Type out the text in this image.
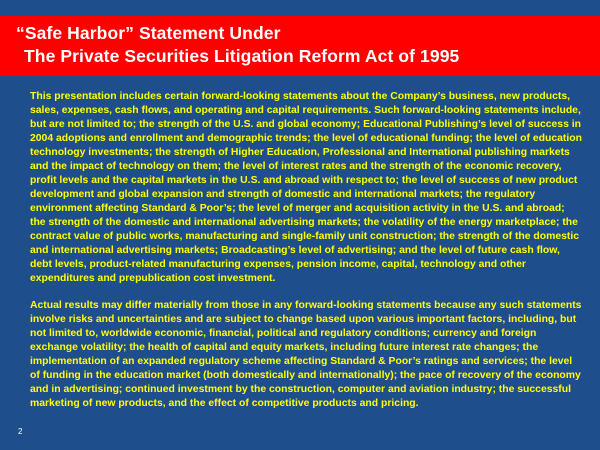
“Safe Harbor” Statement Under
The Private Securities Litigation Reform Act of 1995

This presentation includes certain forward-looking statements about the Company’s business, new products, sales, expenses, cash flows, and operating and capital requirements. Such forward-looking statements include, but are not limited to; the strength of the U.S. and global economy; Educational Publishing’s level of success in 2004 adoptions and enrollment and demographic trends; the level of educational funding; the level of education technology investments; the strength of Higher Education, Professional and International publishing markets and the impact of technology on them; the level of interest rates and the strength of the economic recovery, profit levels and the capital markets in the U.S. and abroad with respect to; the level of success of new product development and global expansion and strength of domestic and international markets; the regulatory environment affecting Standard & Poor’s; the level of merger and acquisition activity in the U.S. and abroad; the strength of the domestic and international advertising markets; the volatility of the energy marketplace; the contract value of public works, manufacturing and single-family unit construction; the strength of the domestic and international advertising markets; Broadcasting’s level of advertising; and the level of future cash flow, debt levels, product-related manufacturing expenses, pension income, capital, technology and other expenditures and prepublication cost investment.

Actual results may differ materially from those in any forward-looking statements because any such statements involve risks and uncertainties and are subject to change based upon various important factors, including, but not limited to, worldwide economic, financial, political and regulatory conditions; currency and foreign exchange volatility; the health of capital and equity markets, including future interest rate changes; the implementation of an expanded regulatory scheme affecting Standard & Poor’s ratings and services; the level of funding in the education market (both domestically and internationally); the pace of recovery of the economy and in advertising; continued investment by the construction, computer and aviation industry; the successful marketing of new products, and the effect of competitive products and pricing.

2
